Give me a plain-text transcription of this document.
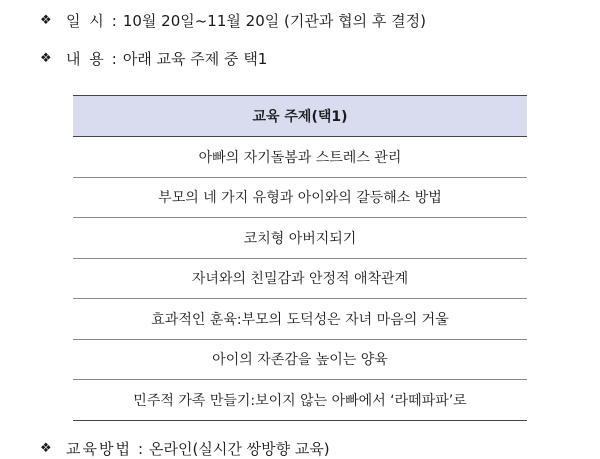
❖ 일 시 : 10월 20일~11월 20일 (기관과 협의 후 결정)
❖ 내 용 : 아래 교육 주제 중 택1
교육 주제(택1)
아빠의 자기돌봄과 스트레스 관리
부모의 네 가지 유형과 아이와의 갈등해소 방법
코치형 아버지되기
자녀와의 친밀감과 안정적 애착관계
효과적인 훈육:부모의 도덕성은 자녀 마음의 거울
아이의 자존감을 높이는 양육
민주적 가족 만들기:보이지 않는 아빠에서 ‘라떼파파’로
❖ 교육방법 : 온라인(실시간 쌍방향 교육)
